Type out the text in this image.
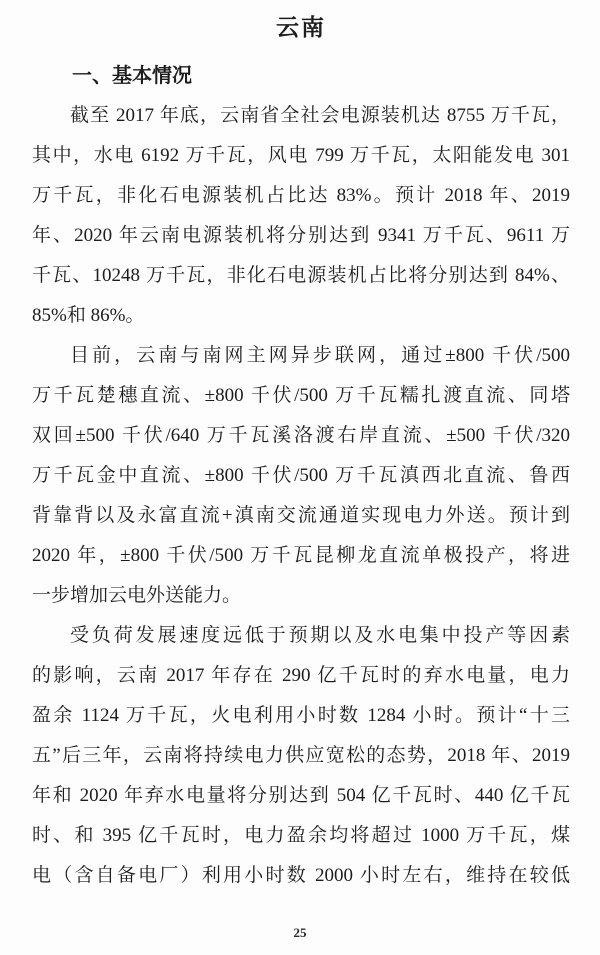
云南
一、基本情况
截至 2017 年底，云南省全社会电源装机达 8755 万千瓦，
其中，水电 6192 万千瓦，风电 799 万千瓦，太阳能发电 301
万千瓦，非化石电源装机占比达 83%。预计 2018 年、2019
年、2020 年云南电源装机将分别达到 9341 万千瓦、9611 万
千瓦、10248 万千瓦，非化石电源装机占比将分别达到 84%、
85%和 86%。
目前，云南与南网主网异步联网，通过±800 千伏/500
万千瓦楚穗直流、±800 千伏/500 万千瓦糯扎渡直流、同塔
双回±500 千伏/640 万千瓦溪洛渡右岸直流、±500 千伏/320
万千瓦金中直流、±800 千伏/500 万千瓦滇西北直流、鲁西
背靠背以及永富直流+滇南交流通道实现电力外送。预计到
2020 年，±800 千伏/500 万千瓦昆柳龙直流单极投产，将进
一步增加云电外送能力。
受负荷发展速度远低于预期以及水电集中投产等因素
的影响，云南 2017 年存在 290 亿千瓦时的弃水电量，电力
盈余 1124 万千瓦，火电利用小时数 1284 小时。预计“十三
五”后三年，云南将持续电力供应宽松的态势，2018 年、2019
年和 2020 年弃水电量将分别达到 504 亿千瓦时、440 亿千瓦
时、和 395 亿千瓦时，电力盈余均将超过 1000 万千瓦，煤
电（含自备电厂）利用小时数 2000 小时左右，维持在较低
25
